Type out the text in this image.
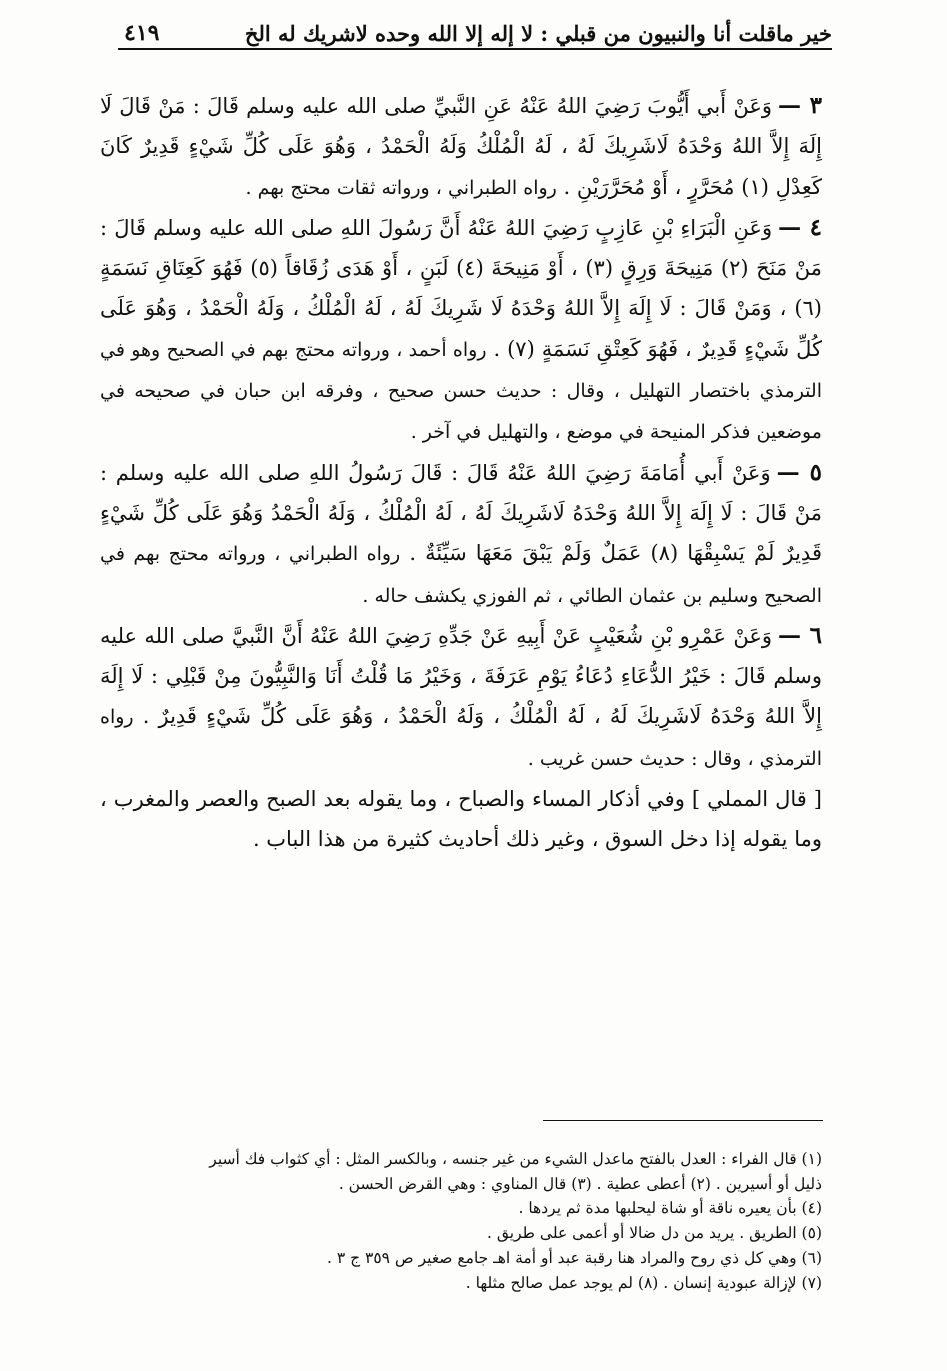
خير ماقلت أنا والنبيون من قبلي : لا إله إلا الله وحده لاشريك له الخ
٤١٩

٣ —وَعَنْ أَبي أَيُّوبَ رَضِيَ اللهُ عَنْهُ عَنِ النَّبيِّ صلى الله عليه وسلم قَالَ : مَنْ قَالَ لَا إِلَهَ إِلاَّ اللهُ وَحْدَهُ لَاشَرِيكَ لَهُ ، لَهُ الْمُلْكُ وَلَهُ الْحَمْدُ ، وَهُوَ عَلَى كُلِّ شَيْءٍ قَدِيرٌ كَانَ كَعِدْلِ (١) مُحَرَّرٍ ، أَوْ مُحَرَّرَيْنِ . رواه الطبراني ، ورواته ثقات محتج بهم .

٤ —وَعَنِ الْبَرَاءِ بْنِ عَازِبٍ رَضِيَ اللهُ عَنْهُ أَنَّ رَسُولَ اللهِ صلى الله عليه وسلم قَالَ : مَنْ مَنَحَ (٢) مَنِيحَةَ وَرِقٍ (٣) ، أَوْ مَنِيحَةَ (٤) لَبَنٍ ، أَوْ هَدَى زُقَاقاً (٥) فَهُوَ كَعِتَاقِ نَسَمَةٍ (٦) ، وَمَنْ قَالَ : لَا إِلَهَ إِلاَّ اللهُ وَحْدَهُ لَا شَرِيكَ لَهُ ، لَهُ الْمُلْكُ ، وَلَهُ الْحَمْدُ ، وَهُوَ عَلَى كُلِّ شَيْءٍ قَدِيرٌ ، فَهُوَ كَعِتْقِ نَسَمَةٍ (٧) . رواه أحمد ، ورواته محتج بهم في الصحيح وهو في الترمذي باختصار التهليل ، وقال : حديث حسن صحيح ، وفرقه ابن حبان في صحيحه في موضعين فذكر المنيحة في موضع ، والتهليل في آخر .

٥ —وَعَنْ أَبي أُمَامَةَ رَضِيَ اللهُ عَنْهُ قَالَ : قَالَ رَسُولُ اللهِ صلى الله عليه وسلم : مَنْ قَالَ : لَا إِلَهَ إِلاَّ اللهُ وَحْدَهُ لَاشَرِيكَ لَهُ ، لَهُ الْمُلْكُ ، وَلَهُ الْحَمْدُ وَهُوَ عَلَى كُلِّ شَيْءٍ قَدِيرٌ لَمْ يَسْبِقْهَا (٨) عَمَلٌ وَلَمْ يَبْقَ مَعَهَا سَيِّئَةٌ . رواه الطبراني ، ورواته محتج بهم في الصحيح وسليم بن عثمان الطائي ، ثم الفوزي يكشف حاله .

٦ —وَعَنْ عَمْرِو بْنِ شُعَيْبٍ عَنْ أَبِيهِ عَنْ جَدِّهِ رَضِيَ اللهُ عَنْهُ أَنَّ النَّبيَّ صلى الله عليه وسلم قَالَ : خَيْرُ الدُّعَاءِ دُعَاءُ يَوْمِ عَرَفَةَ ، وَخَيْرُ مَا قُلْتُ أَنَا وَالنَّبِيُّونَ مِنْ قَبْلِي : لَا إِلَهَ إِلاَّ اللهُ وَحْدَهُ لَاشَرِيكَ لَهُ ، لَهُ الْمُلْكُ ، وَلَهُ الْحَمْدُ ، وَهُوَ عَلَى كُلِّ شَيْءٍ قَدِيرٌ . رواه الترمذي ، وقال : حديث حسن غريب .

[ قال المملي ] وفي أذكار المساء والصباح ، وما يقوله بعد الصبح والعصر والمغرب ، وما يقوله إذا دخل السوق ، وغير ذلك أحاديث كثيرة من هذا الباب .

(١) قال الفراء : العدل بالفتح ماعدل الشيء من غير جنسه ، وبالكسر المثل : أي كثواب فك أسير

ذليل أو أسيرين . (٢) أعطى عطية . (٣) قال المناوي : وهي القرض الحسن .

(٤) بأن يعيره ناقة أو شاة ليحلبها مدة ثم يردها .

(٥) الطريق . يريد من دل ضالا أو أعمى على طريق .

(٦) وهي كل ذي روح والمراد هنا رقبة عبد أو أمة اهـ جامع صغير ص ٣٥٩ ج ٣ .

(٧) لإزالة عبودية إنسان . (٨) لم يوجد عمل صالح مثلها .
